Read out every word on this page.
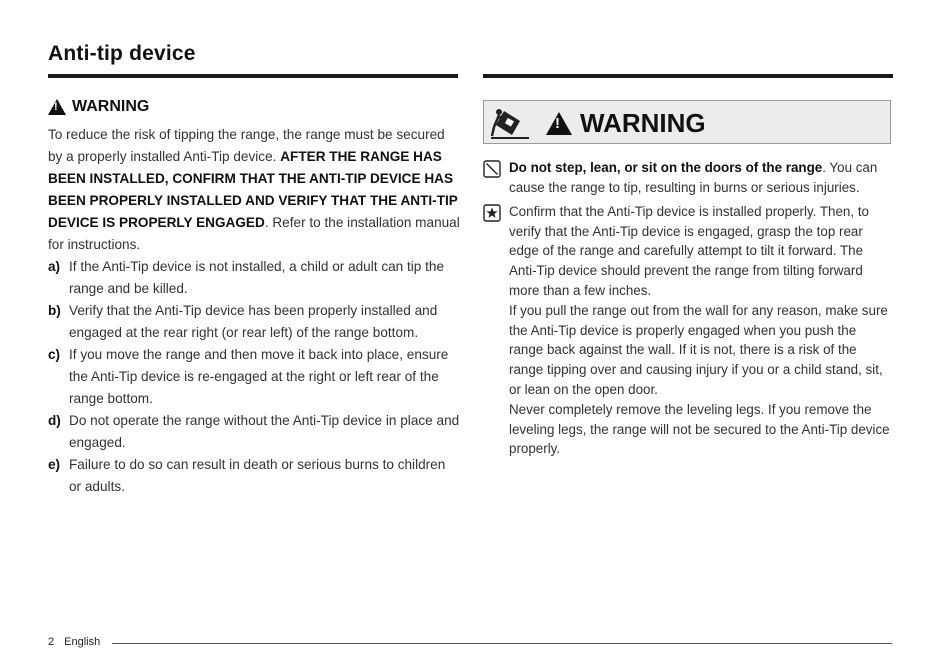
Anti-tip device
!
WARNING
To reduce the risk of tipping the range, the range must be secured by a properly installed Anti-Tip device. AFTER THE RANGE HAS BEEN INSTALLED, CONFIRM THAT THE ANTI-TIP DEVICE HAS BEEN PROPERLY INSTALLED AND VERIFY THAT THE ANTI-TIP DEVICE IS PROPERLY ENGAGED. Refer to the installation manual for instructions.
a) If the Anti-Tip device is not installed, a child or adult can tip the range and be killed.
b) Verify that the Anti-Tip device has been properly installed and engaged at the rear right (or rear left) of the range bottom.
c) If you move the range and then move it back into place, ensure the Anti-Tip device is re-engaged at the right or left rear of the range bottom.
d) Do not operate the range without the Anti-Tip device in place and engaged.
e) Failure to do so can result in death or serious burns to children or adults.
!
WARNING
Do not step, lean, or sit on the doors of the range. You can cause the range to tip, resulting in burns or serious injuries.

Confirm that the Anti-Tip device is installed properly. Then, to verify that the Anti-Tip device is engaged, grasp the top rear edge of the range and carefully attempt to tilt it forward. The Anti-Tip device should prevent the range from tilting forward more than a few inches.

If you pull the range out from the wall for any reason, make sure the Anti-Tip device is properly engaged when you push the range back against the wall. If it is not, there is a risk of the range tipping over and causing injury if you or a child stand, sit, or lean on the open door.

Never completely remove the leveling legs. If you remove the leveling legs, the range will not be secured to the Anti-Tip device properly.

2 English
